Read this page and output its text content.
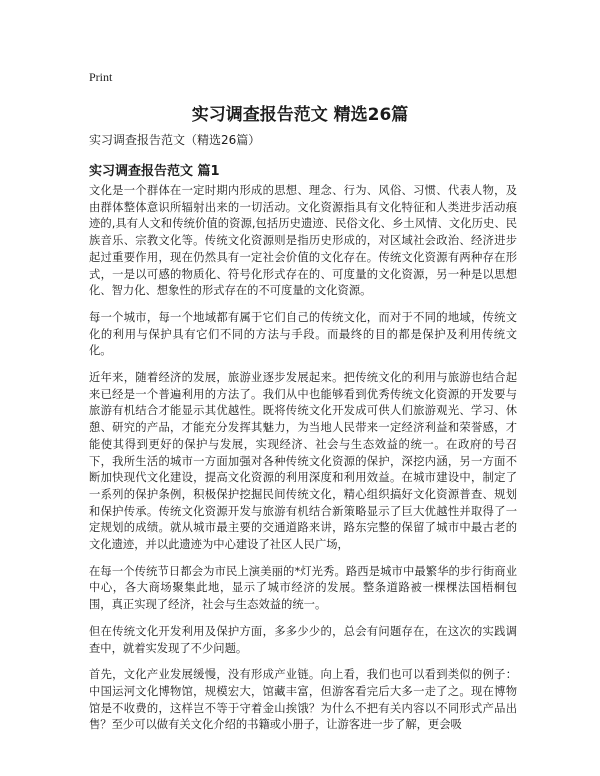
Print
实习调查报告范文 精选26篇

实习调查报告范文（精选26篇）

实习调查报告范文 篇1

文化是一个群体在一定时期内形成的思想、理念、行为、风俗、习惯、代表人物，及由群体整体意识所辐射出来的一切活动。文化资源指具有文化特征和人类进步活动痕迹的,具有人文和传统价值的资源,包括历史遗迹、民俗文化、乡土风情、文化历史、民族音乐、宗教文化等。传统文化资源则是指历史形成的，对区域社会政治、经济进步起过重要作用，现在仍然具有一定社会价值的文化存在。传统文化资源有两种存在形式，一是以可感的物质化、符号化形式存在的、可度量的文化资源，另一种是以思想化、智力化、想象性的形式存在的不可度量的文化资源。

每一个城市，每一个地域都有属于它们自己的传统文化，而对于不同的地域，传统文化的利用与保护具有它们不同的方法与手段。而最终的目的都是保护及利用传统文化。

近年来，随着经济的发展，旅游业逐步发展起来。把传统文化的利用与旅游也结合起来已经是一个普遍利用的方法了。我们从中也能够看到优秀传统文化资源的开发要与旅游有机结合才能显示其优越性。既将传统文化开发成可供人们旅游观光、学习、休憩、研究的产品，才能充分发挥其魅力，为当地人民带来一定经济利益和荣誉感，才能使其得到更好的保护与发展，实现经济、社会与生态效益的统一。在政府的号召下，我所生活的城市一方面加强对各种传统文化资源的保护，深挖内涵，另一方面不断加快现代文化建设，提高文化资源的利用深度和利用效益。在城市建设中，制定了一系列的保护条例，积极保护挖掘民间传统文化，精心组织搞好文化资源普查、规划和保护传承。传统文化资源开发与旅游有机结合新策略显示了巨大优越性并取得了一定规划的成绩。就从城市最主要的交通道路来讲，路东完整的保留了城市中最古老的文化遗迹，并以此遗迹为中心建设了社区人民广场，

在每一个传统节日都会为市民上演美丽的*灯光秀。路西是城市中最繁华的步行街商业中心，各大商场聚集此地，显示了城市经济的发展。整条道路被一棵棵法国梧桐包围，真正实现了经济，社会与生态效益的统一。

但在传统文化开发利用及保护方面，多多少少的，总会有问题存在，在这次的实践调查中，就着实发现了不少问题。

首先，文化产业发展缓慢，没有形成产业链。向上看，我们也可以看到类似的例子：中国运河文化博物馆，规模宏大，馆藏丰富，但游客看完后大多一走了之。现在博物馆是不收费的，这样岂不等于守着金山挨饿？为什么不把有关内容以不同形式产品出售？至少可以做有关文化介绍的书籍或小册子，让游客进一步了解，更会吸
